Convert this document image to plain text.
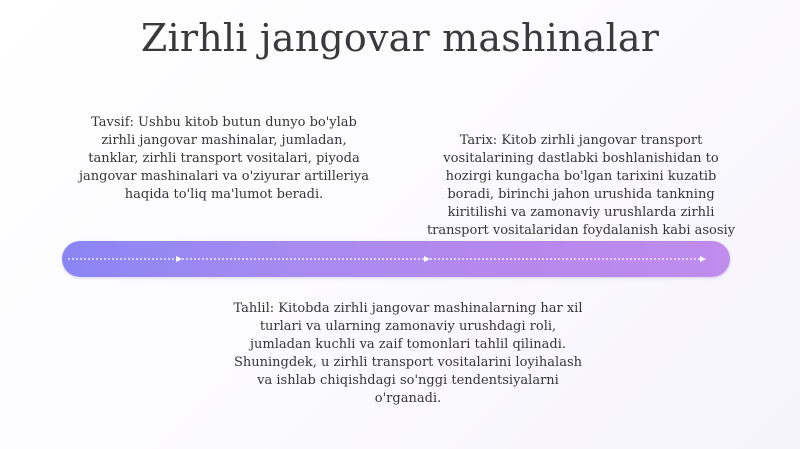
Zirhli jangovar mashinalar
Tavsif: Ushbu kitob butun dunyo bo'ylab zirhli jangovar mashinalar, jumladan, tanklar, zirhli transport vositalari, piyoda jangovar mashinalari va o'ziyurar artilleriya haqida to'liq ma'lumot beradi.
Tarix: Kitob zirhli jangovar transport vositalarining dastlabki boshlanishidan to hozirgi kungacha bo'lgan tarixini kuzatib boradi, birinchi jahon urushida tankning kiritilishi va zamonaviy urushlarda zirhli transport vositalaridan foydalanish kabi asosiy
Tahlil: Kitobda zirhli jangovar mashinalarning har xil turlari va ularning zamonaviy urushdagi roli, jumladan kuchli va zaif tomonlari tahlil qilinadi. Shuningdek, u zirhli transport vositalarini loyihalash va ishlab chiqishdagi so'nggi tendentsiyalarni o'rganadi.
